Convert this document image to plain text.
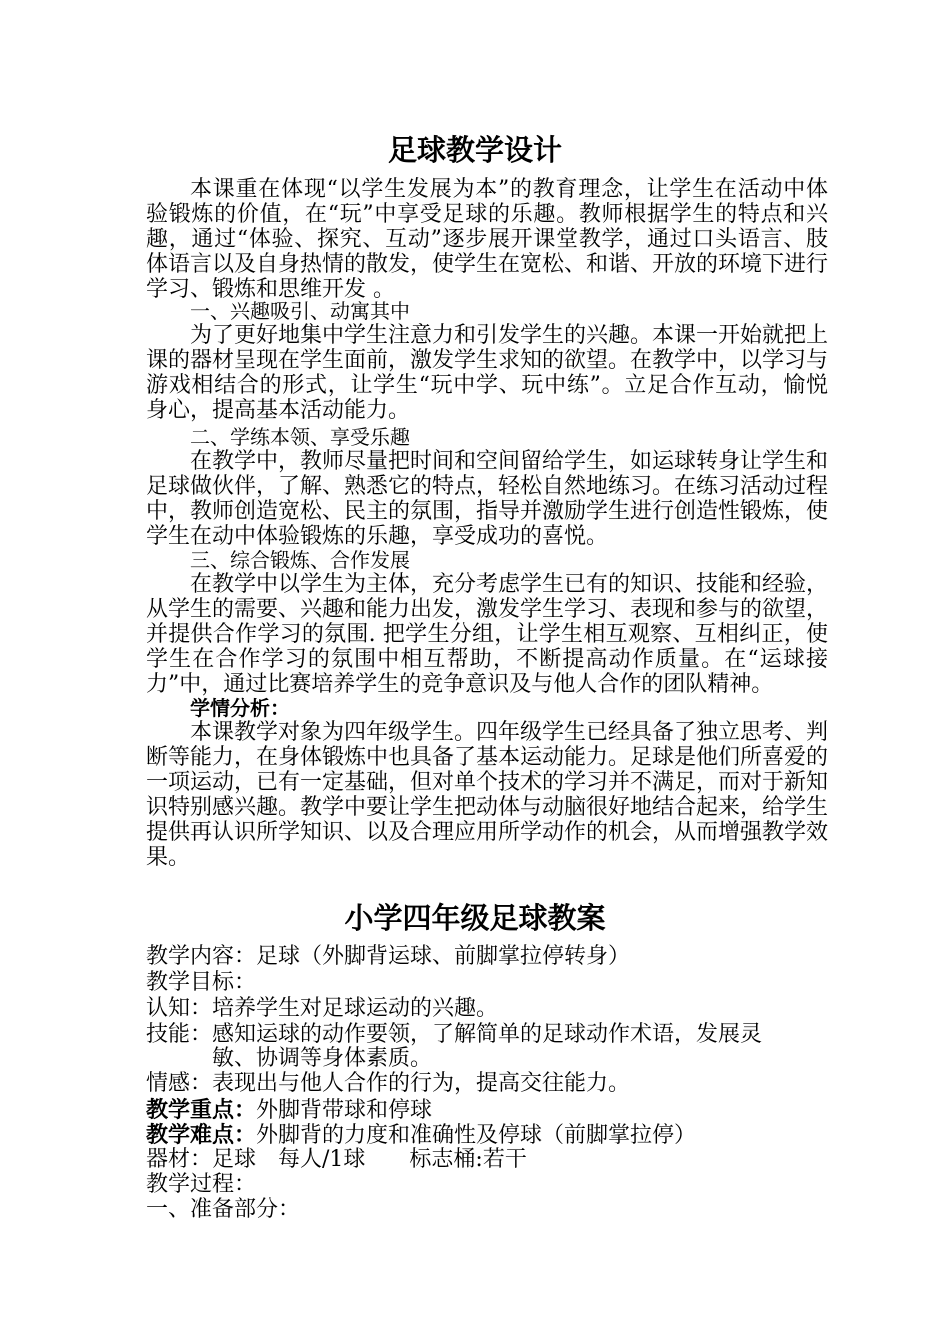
足球教学设计

本课重在体现“以学生发展为本”的教育理念，让学生在活动中体验锻炼的价值，在“玩”中享受足球的乐趣。教师根据学生的特点和兴趣，通过“体验、探究、互动”逐步展开课堂教学，通过口头语言、肢体语言以及自身热情的散发，使学生在宽松、和谐、开放的环境下进行学习、锻炼和思维开发 。

一、兴趣吸引、动寓其中

为了更好地集中学生注意力和引发学生的兴趣。本课一开始就把上课的器材呈现在学生面前，激发学生求知的欲望。在教学中，以学习与游戏相结合的形式，让学生“玩中学、玩中练”。立足合作互动，愉悦身心，提高基本活动能力。

二、学练本领、享受乐趣

在教学中，教师尽量把时间和空间留给学生，如运球转身让学生和足球做伙伴，了解、熟悉它的特点，轻松自然地练习。在练习活动过程中，教师创造宽松、民主的氛围，指导并激励学生进行创造性锻炼，使学生在动中体验锻炼的乐趣，享受成功的喜悦。

三、综合锻炼、合作发展

在教学中以学生为主体，充分考虑学生已有的知识、技能和经验，从学生的需要、兴趣和能力出发，激发学生学习、表现和参与的欲望，并提供合作学习的氛围. 把学生分组，让学生相互观察、互相纠正，使学生在合作学习的氛围中相互帮助，不断提高动作质量。在“运球接力”中，通过比赛培养学生的竞争意识及与他人合作的团队精神。

学情分析：

本课教学对象为四年级学生。四年级学生已经具备了独立思考、判断等能力，在身体锻炼中也具备了基本运动能力。足球是他们所喜爱的一项运动，已有一定基础，但对单个技术的学习并不满足，而对于新知识特别感兴趣。教学中要让学生把动体与动脑很好地结合起来，给学生提供再认识所学知识、以及合理应用所学动作的机会，从而增强教学效果。

小学四年级足球教案
教学内容：足球（外脚背运球、前脚掌拉停转身）
教学目标：
认知：培养学生对足球运动的兴趣。
技能：感知运球的动作要领，了解简单的足球动作术语，发展灵
敏、协调等身体素质。
情感：表现出与他人合作的行为，提高交往能力。
教学重点：外脚背带球和停球
教学难点：外脚背的力度和准确性及停球（前脚掌拉停）
器材：足球　每人/1球　　标志桶:若干
教学过程：
一、准备部分：
